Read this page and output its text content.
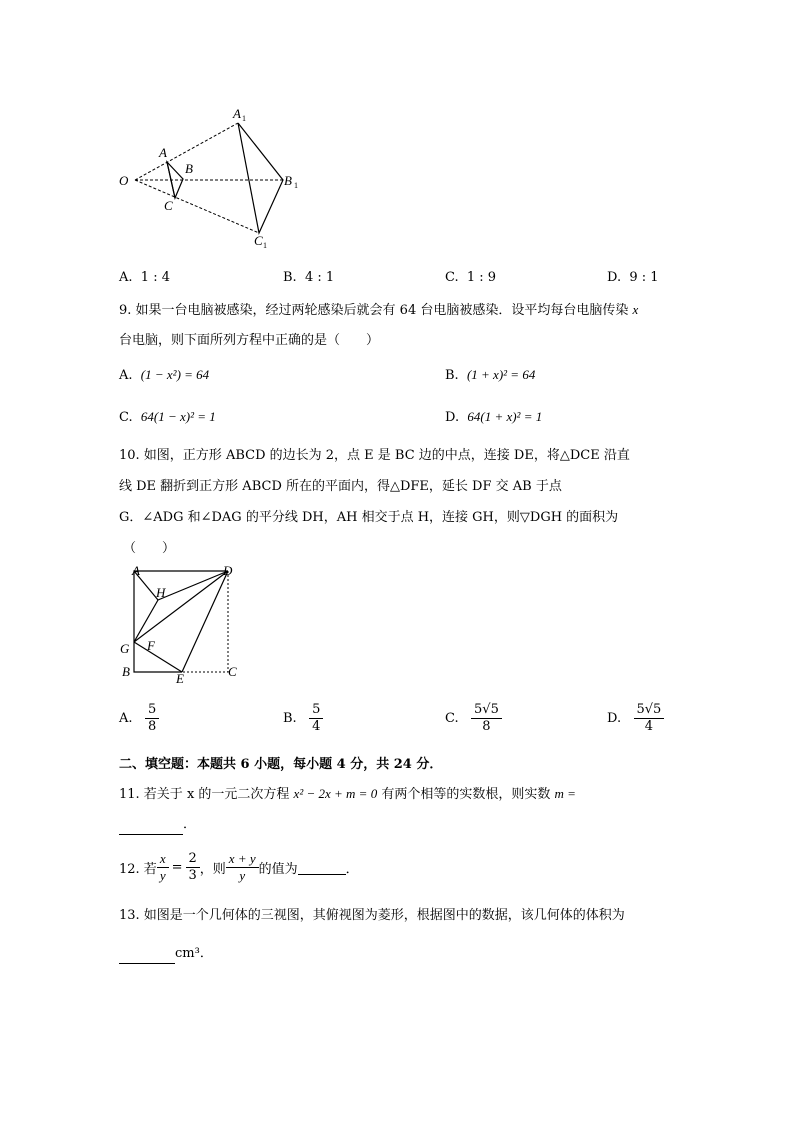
O
A
B
C
A 1
B 1
C 1
A. 1 : 4	B. 4 : 1	C. 1 : 9	D. 9 : 1
9. 如果一台电脑被感染，经过两轮感染后就会有 64 台电脑被感染．设平均每台电脑传染 x
台电脑，则下面所列方程中正确的是（　　）
A. (1 − x²) = 64	B. (1 + x)² = 64
C. 64(1 − x)² = 1	D. 64(1 + x)² = 1
10. 如图，正方形 ABCD 的边长为 2，点 E 是 BC 边的中点，连接 DE，将△DCE 沿直
线 DE 翻折到正方形 ABCD 所在的平面内，得△DFE，延长 DF 交 AB 于点
G．∠ADG 和∠DAG 的平分线 DH，AH 相交于点 H，连接 GH，则▽DGH 的面积为
（　　）
A	D
H
G F
B	E	C
A. $\frac{5}{8}$	B. $\frac{5}{4}$	C. $\frac{5√5}{8}$	D. $\frac{5√5}{4}$
二、填空题：本题共 6 小题，每小题 4 分，共 24 分．
11. 若关于 x 的一元二次方程 x² − 2x + m = 0 有两个相等的实数根，则实数 m =
．
12. 若 $\frac{x}{y} = \frac{2}{3}$ ，则 $\frac{x + y}{y}$ 的值为	．
13. 如图是一个几何体的三视图，其俯视图为菱形，根据图中的数据，该几何体的体积为
cm³．
